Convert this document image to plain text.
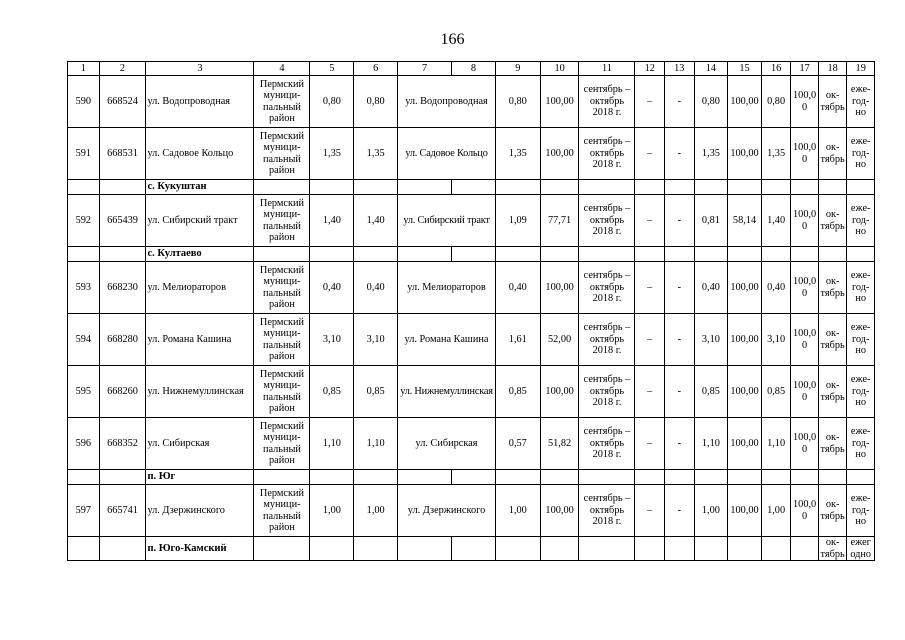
166
1	2	3	4	5	6	7	8	9	10	11	12	13	14	15	16	17	18	19
590	668524	ул. Водопроводная	Пермский муници-пальный район	0,80	0,80	ул. Водопроводная		0,80	100,00	сентябрь – октябрь 2018 г.	–	-	0,80	100,00	0,80	100,0 0	ок-тябрь	еже-год-но
591	668531	ул. Садовое Кольцо	Пермский муници-пальный район	1,35	1,35	ул. Садовое Кольцо		1,35	100,00	сентябрь – октябрь 2018 г.	–	-	1,35	100,00	1,35	100,0 0	ок-тябрь	еже-год-но
		с. Кукуштан																
592	665439	ул. Сибирский тракт	Пермский муници-пальный район	1,40	1,40	ул. Сибирский тракт		1,09	77,71	сентябрь – октябрь 2018 г.	–	-	0,81	58,14	1,40	100,0 0	ок-тябрь	еже-год-но
		с. Култаево																
593	668230	ул. Мелиораторов	Пермский муници-пальный район	0,40	0,40	ул. Мелиораторов		0,40	100,00	сентябрь – октябрь 2018 г.	–	-	0,40	100,00	0,40	100,0 0	ок-тябрь	еже-год-но
594	668280	ул. Романа Кашина	Пермский муници-пальный район	3,10	3,10	ул. Романа Кашина		1,61	52,00	сентябрь – октябрь 2018 г.	–	-	3,10	100,00	3,10	100,0 0	ок-тябрь	еже-год-но
595	668260	ул. Нижнемуллинская	Пермский муници-пальный район	0,85	0,85	ул. Нижнемуллинская		0,85	100,00	сентябрь – октябрь 2018 г.	–	-	0,85	100,00	0,85	100,0 0	ок-тябрь	еже-год-но
596	668352	ул. Сибирская	Пермский муници-пальный район	1,10	1,10	ул. Сибирская		0,57	51,82	сентябрь – октябрь 2018 г.	–	-	1,10	100,00	1,10	100,0 0	ок-тябрь	еже-год-но
		п. Юг																
597	665741	ул. Дзержинского	Пермский муници-пальный район	1,00	1,00	ул. Дзержинского		1,00	100,00	сентябрь – октябрь 2018 г.	–	-	1,00	100,00	1,00	100,0 0	ок-тябрь	еже-год-но
		п. Юго-Камский															ок-тябрь	ежег одно
